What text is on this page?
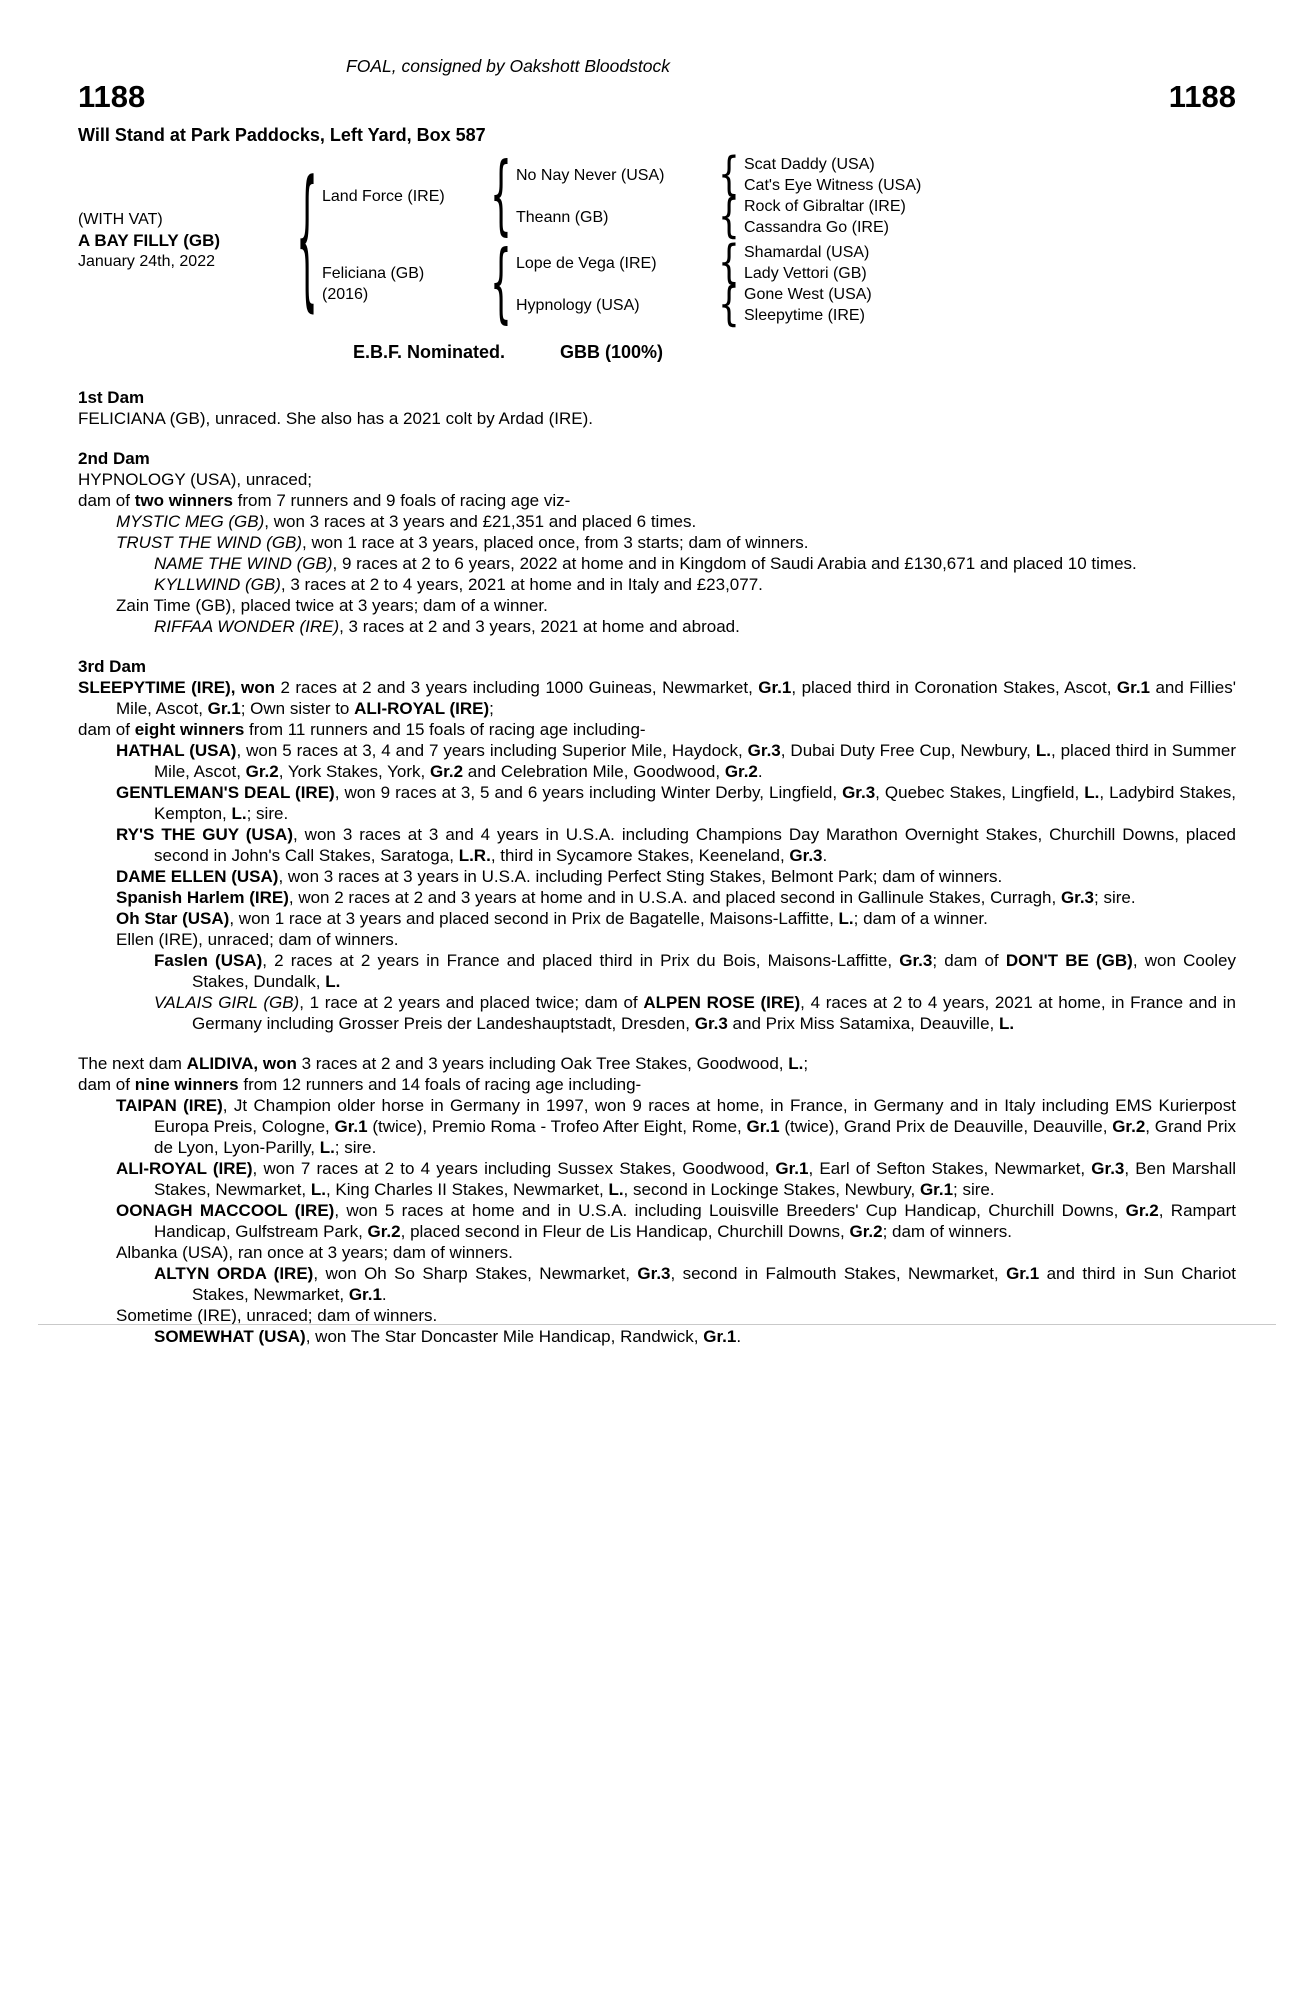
FOAL, consigned by Oakshott Bloodstock
1188	1188
Will Stand at Park Paddocks, Left Yard, Box 587
(WITH VAT)
A BAY FILLY (GB)
January 24th, 2022
{
Land Force (IRE)
{
No Nay Never (USA)
{
Scat Daddy (USA)
Cat's Eye Witness (USA)
Theann (GB)
{
Rock of Gibraltar (IRE)
Cassandra Go (IRE)
Feliciana (GB)
(2016)
{
Lope de Vega (IRE)
{
Shamardal (USA)
Lady Vettori (GB)
Hypnology (USA)
{
Gone West (USA)
Sleepytime (IRE)
E.B.F. Nominated.	GBB (100%)
1st Dam

FELICIANA (GB), unraced. She also has a 2021 colt by Ardad (IRE).

2nd Dam

HYPNOLOGY (USA), unraced;

dam of two winners from 7 runners and 9 foals of racing age viz-

MYSTIC MEG (GB), won 3 races at 3 years and £21,351 and placed 6 times.

TRUST THE WIND (GB), won 1 race at 3 years, placed once, from 3 starts; dam of winners.

NAME THE WIND (GB), 9 races at 2 to 6 years, 2022 at home and in Kingdom of Saudi Arabia and £130,671 and placed 10 times.

KYLLWIND (GB), 3 races at 2 to 4 years, 2021 at home and in Italy and £23,077.

Zain Time (GB), placed twice at 3 years; dam of a winner.

RIFFAA WONDER (IRE), 3 races at 2 and 3 years, 2021 at home and abroad.

3rd Dam

SLEEPYTIME (IRE), won 2 races at 2 and 3 years including 1000 Guineas, Newmarket, Gr.1, placed third in Coronation Stakes, Ascot, Gr.1 and Fillies' Mile, Ascot, Gr.1; Own sister to ALI-ROYAL (IRE);

dam of eight winners from 11 runners and 15 foals of racing age including-

HATHAL (USA), won 5 races at 3, 4 and 7 years including Superior Mile, Haydock, Gr.3, Dubai Duty Free Cup, Newbury, L., placed third in Summer Mile, Ascot, Gr.2, York Stakes, York, Gr.2 and Celebration Mile, Goodwood, Gr.2.

GENTLEMAN'S DEAL (IRE), won 9 races at 3, 5 and 6 years including Winter Derby, Lingfield, Gr.3, Quebec Stakes, Lingfield, L., Ladybird Stakes, Kempton, L.; sire.

RY'S THE GUY (USA), won 3 races at 3 and 4 years in U.S.A. including Champions Day Marathon Overnight Stakes, Churchill Downs, placed second in John's Call Stakes, Saratoga, L.R., third in Sycamore Stakes, Keeneland, Gr.3.

DAME ELLEN (USA), won 3 races at 3 years in U.S.A. including Perfect Sting Stakes, Belmont Park; dam of winners.

Spanish Harlem (IRE), won 2 races at 2 and 3 years at home and in U.S.A. and placed second in Gallinule Stakes, Curragh, Gr.3; sire.

Oh Star (USA), won 1 race at 3 years and placed second in Prix de Bagatelle, Maisons-Laffitte, L.; dam of a winner.

Ellen (IRE), unraced; dam of winners.

Faslen (USA), 2 races at 2 years in France and placed third in Prix du Bois, Maisons-Laffitte, Gr.3; dam of DON'T BE (GB), won Cooley Stakes, Dundalk, L.

VALAIS GIRL (GB), 1 race at 2 years and placed twice; dam of ALPEN ROSE (IRE), 4 races at 2 to 4 years, 2021 at home, in France and in Germany including Grosser Preis der Landeshauptstadt, Dresden, Gr.3 and Prix Miss Satamixa, Deauville, L.

The next dam ALIDIVA, won 3 races at 2 and 3 years including Oak Tree Stakes, Goodwood, L.;

dam of nine winners from 12 runners and 14 foals of racing age including-

TAIPAN (IRE), Jt Champion older horse in Germany in 1997, won 9 races at home, in France, in Germany and in Italy including EMS Kurierpost Europa Preis, Cologne, Gr.1 (twice), Premio Roma - Trofeo After Eight, Rome, Gr.1 (twice), Grand Prix de Deauville, Deauville, Gr.2, Grand Prix de Lyon, Lyon-Parilly, L.; sire.

ALI-ROYAL (IRE), won 7 races at 2 to 4 years including Sussex Stakes, Goodwood, Gr.1, Earl of Sefton Stakes, Newmarket, Gr.3, Ben Marshall Stakes, Newmarket, L., King Charles II Stakes, Newmarket, L., second in Lockinge Stakes, Newbury, Gr.1; sire.

OONAGH MACCOOL (IRE), won 5 races at home and in U.S.A. including Louisville Breeders' Cup Handicap, Churchill Downs, Gr.2, Rampart Handicap, Gulfstream Park, Gr.2, placed second in Fleur de Lis Handicap, Churchill Downs, Gr.2; dam of winners.

Albanka (USA), ran once at 3 years; dam of winners.

ALTYN ORDA (IRE), won Oh So Sharp Stakes, Newmarket, Gr.3, second in Falmouth Stakes, Newmarket, Gr.1 and third in Sun Chariot Stakes, Newmarket, Gr.1.

Sometime (IRE), unraced; dam of winners.

SOMEWHAT (USA), won The Star Doncaster Mile Handicap, Randwick, Gr.1.
